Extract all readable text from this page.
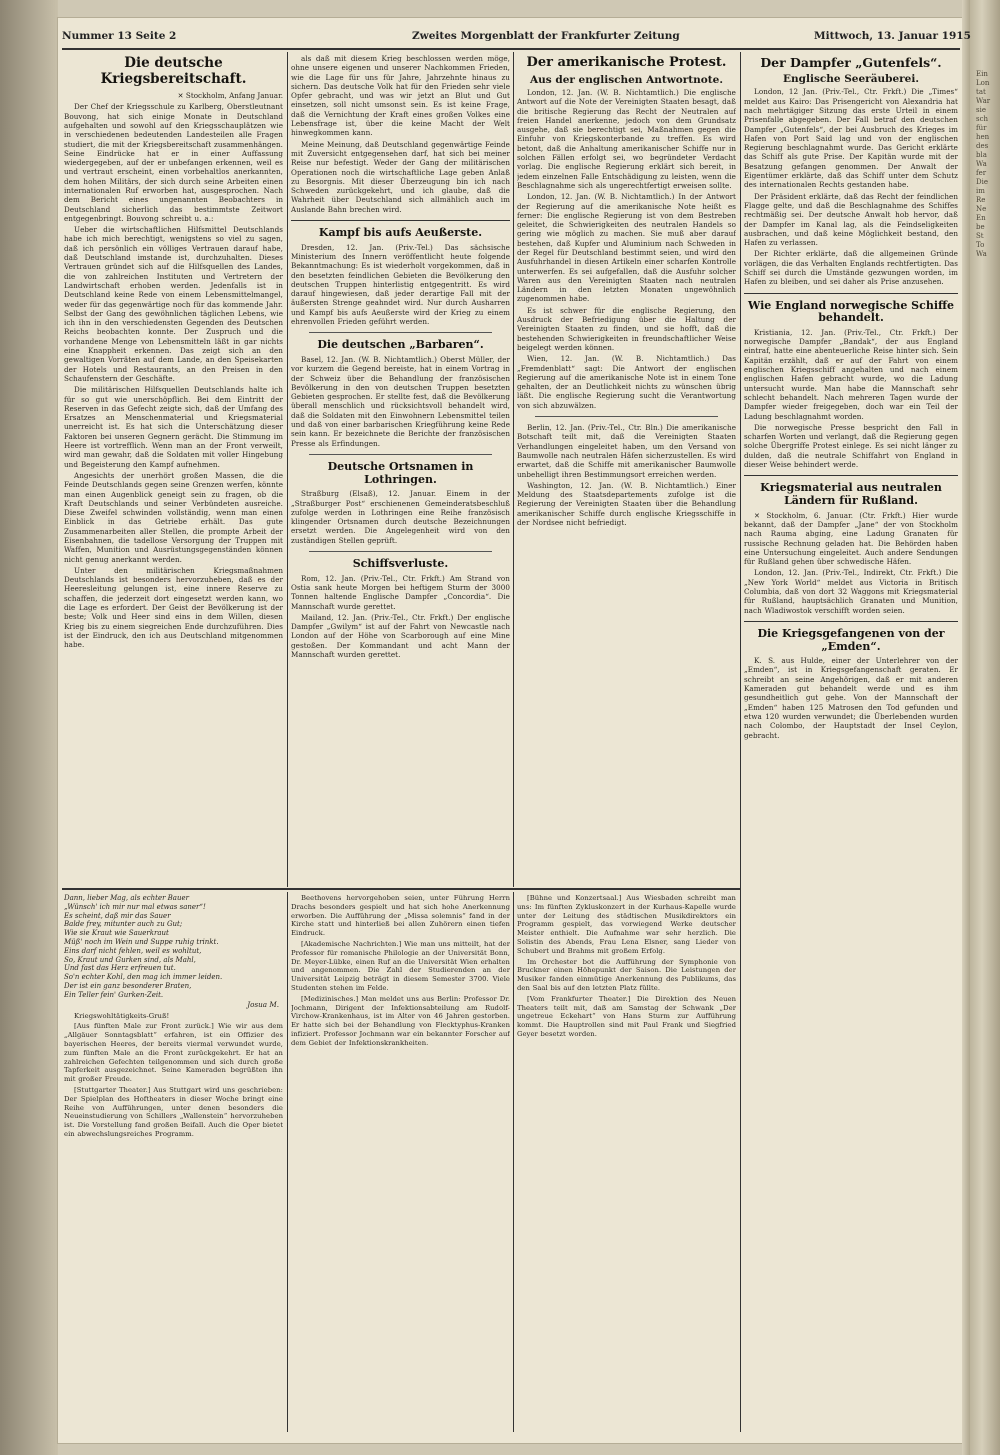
Ein
Lon
tat
War
sie
sch
für
hen
des
bla
Wa
fer
Die
im
Re
Ne
En
be
St
To
Wa
Nummer 13 Seite 2	Zweites Morgenblatt der Frankfurter Zeitung	Mittwoch, 13. Januar 1915
Die deutsche Kriegsbereitschaft.

✕ Stockholm, Anfang Januar.

Der Chef der Kriegsschule zu Karlberg, Oberstleutnant Bouvong, hat sich einige Monate in Deutschland aufgehalten und sowohl auf den Kriegsschauplätzen wie in verschiedenen bedeutenden Landesteilen alle Fragen studiert, die mit der Kriegsbereitschaft zusammenhängen. Seine Eindrücke hat er in einer Auffassung wiedergegeben, auf der er unbefangen erkennen, weil es und vertraut erscheint, einen vorbehaltlos anerkannten, dem hohen Militärs, der sich durch seine Arbeiten einen internationalen Ruf erworben hat, ausgesprochen. Nach dem Bericht eines ungenannten Beobachters in Deutschland sicherlich das bestimmtste Zeitwort entgegenbringt. Bouvong schreibt u. a.:

Ueber die wirtschaftlichen Hilfsmittel Deutschlands habe ich mich berechtigt, wenigstens so viel zu sagen, daß ich persönlich ein völliges Vertrauen darauf habe, daß Deutschland imstande ist, durchzuhalten. Dieses Vertrauen gründet sich auf die Hilfsquellen des Landes, die von zahlreichen Instituten und Vertretern der Landwirtschaft erhoben werden. Jedenfalls ist in Deutschland keine Rede von einem Lebensmittelmangel, weder für das gegenwärtige noch für das kommende Jahr. Selbst der Gang des gewöhnlichen täglichen Lebens, wie ich ihn in den verschiedensten Gegenden des Deutschen Reichs beobachten konnte. Der Zuspruch und die vorhandene Menge von Lebensmitteln läßt in gar nichts eine Knappheit erkennen. Das zeigt sich an den gewaltigen Vorräten auf dem Lande, an den Speisekarten der Hotels und Restaurants, an den Preisen in den Schaufenstern der Geschäfte.

Die militärischen Hilfsquellen Deutschlands halte ich für so gut wie unerschöpflich. Bei dem Eintritt der Reserven in das Gefecht zeigte sich, daß der Umfang des Ersatzes an Menschenmaterial und Kriegsmaterial unerreicht ist. Es hat sich die Unterschätzung dieser Faktoren bei unseren Gegnern gerächt. Die Stimmung im Heere ist vortrefflich. Wenn man an der Front verweilt, wird man gewahr, daß die Soldaten mit voller Hingebung und Begeisterung den Kampf aufnehmen.

Angesichts der unerhört großen Massen, die die Feinde Deutschlands gegen seine Grenzen werfen, könnte man einen Augenblick geneigt sein zu fragen, ob die Kraft Deutschlands und seiner Verbündeten ausreiche. Diese Zweifel schwinden vollständig, wenn man einen Einblick in das Getriebe erhält. Das gute Zusammenarbeiten aller Stellen, die prompte Arbeit der Eisenbahnen, die tadellose Versorgung der Truppen mit Waffen, Munition und Ausrüstungsgegenständen können nicht genug anerkannt werden.

Unter den militärischen Kriegsmaßnahmen Deutschlands ist besonders hervorzuheben, daß es der Heeresleitung gelungen ist, eine innere Reserve zu schaffen, die jederzeit dort eingesetzt werden kann, wo die Lage es erfordert. Der Geist der Bevölkerung ist der beste; Volk und Heer sind eins in dem Willen, diesen Krieg bis zu einem siegreichen Ende durchzuführen. Dies ist der Eindruck, den ich aus Deutschland mitgenommen habe.

als daß mit diesem Krieg beschlossen werden möge, ohne unsere eigenen und unserer Nachkommen Frieden, wie die Lage für uns für Jahre, Jahrzehnte hinaus zu sichern. Das deutsche Volk hat für den Frieden sehr viele Opfer gebracht, und was wir jetzt an Blut und Gut einsetzen, soll nicht umsonst sein. Es ist keine Frage, daß die Vernichtung der Kraft eines großen Volkes eine Lebensfrage ist, über die keine Macht der Welt hinwegkommen kann.

Meine Meinung, daß Deutschland gegenwärtige Feinde mit Zuversicht entgegensehen darf, hat sich bei meiner Reise nur befestigt. Weder der Gang der militärischen Operationen noch die wirtschaftliche Lage geben Anlaß zu Besorgnis. Mit dieser Überzeugung bin ich nach Schweden zurückgekehrt, und ich glaube, daß die Wahrheit über Deutschland sich allmählich auch im Auslande Bahn brechen wird.

Kampf bis aufs Aeußerste.

Dresden, 12. Jan. (Priv.-Tel.) Das sächsische Ministerium des Innern veröffentlicht heute folgende Bekanntmachung: Es ist wiederholt vorgekommen, daß in den besetzten feindlichen Gebieten die Bevölkerung den deutschen Truppen hinterlistig entgegentritt. Es wird darauf hingewiesen, daß jeder derartige Fall mit der äußersten Strenge geahndet wird. Nur durch Ausharren und Kampf bis aufs Aeußerste wird der Krieg zu einem ehrenvollen Frieden geführt werden.

Die deutschen „Barbaren“.

Basel, 12. Jan. (W. B. Nichtamtlich.) Oberst Müller, der vor kurzem die Gegend bereiste, hat in einem Vortrag in der Schweiz über die Behandlung der französischen Bevölkerung in den von deutschen Truppen besetzten Gebieten gesprochen. Er stellte fest, daß die Bevölkerung überall menschlich und rücksichtsvoll behandelt wird, daß die Soldaten mit den Einwohnern Lebensmittel teilen und daß von einer barbarischen Kriegführung keine Rede sein kann. Er bezeichnete die Berichte der französischen Presse als Erfindungen.

Deutsche Ortsnamen in Lothringen.

Straßburg (Elsaß), 12. Januar. Einem in der „Straßburger Post“ erschienenen Gemeinderatsbeschluß zufolge werden in Lothringen eine Reihe französisch klingender Ortsnamen durch deutsche Bezeichnungen ersetzt werden. Die Angelegenheit wird von den zuständigen Stellen geprüft.

Schiffsverluste.

Rom, 12. Jan. (Priv.-Tel., Ctr. Frkft.) Am Strand von Ostia sank heute Morgen bei heftigem Sturm der 3000 Tonnen haltende Englische Dampfer „Concordia“. Die Mannschaft wurde gerettet.

Mailand, 12. Jan. (Priv.-Tel., Ctr. Frkft.) Der englische Dampfer „Gwilym“ ist auf der Fahrt von Newcastle nach London auf der Höhe von Scarborough auf eine Mine gestoßen. Der Kommandant und acht Mann der Mannschaft wurden gerettet.

Der amerikanische Protest.
Aus der englischen Antwortnote.

London, 12. Jan. (W. B. Nichtamtlich.) Die englische Antwort auf die Note der Vereinigten Staaten besagt, daß die britische Regierung das Recht der Neutralen auf freien Handel anerkenne, jedoch von dem Grundsatz ausgehe, daß sie berechtigt sei, Maßnahmen gegen die Einfuhr von Kriegskonterbande zu treffen. Es wird betont, daß die Anhaltung amerikanischer Schiffe nur in solchen Fällen erfolgt sei, wo begründeter Verdacht vorlag. Die englische Regierung erklärt sich bereit, in jedem einzelnen Falle Entschädigung zu leisten, wenn die Beschlagnahme sich als ungerechtfertigt erweisen sollte.

London, 12. Jan. (W. B. Nichtamtlich.) In der Antwort der Regierung auf die amerikanische Note heißt es ferner: Die englische Regierung ist von dem Bestreben geleitet, die Schwierigkeiten des neutralen Handels so gering wie möglich zu machen. Sie muß aber darauf bestehen, daß Kupfer und Aluminium nach Schweden in der Regel für Deutschland bestimmt seien, und wird den Ausfuhrhandel in diesen Artikeln einer scharfen Kontrolle unterwerfen. Es sei aufgefallen, daß die Ausfuhr solcher Waren aus den Vereinigten Staaten nach neutralen Ländern in den letzten Monaten ungewöhnlich zugenommen habe.

Es ist schwer für die englische Regierung, den Ausdruck der Befriedigung über die Haltung der Vereinigten Staaten zu finden, und sie hofft, daß die bestehenden Schwierigkeiten in freundschaftlicher Weise beigelegt werden können.

Wien, 12. Jan. (W. B. Nichtamtlich.) Das „Fremdenblatt“ sagt: Die Antwort der englischen Regierung auf die amerikanische Note ist in einem Tone gehalten, der an Deutlichkeit nichts zu wünschen übrig läßt. Die englische Regierung sucht die Verantwortung von sich abzuwälzen.

Berlin, 12. Jan. (Priv.-Tel., Ctr. Bln.) Die amerikanische Botschaft teilt mit, daß die Vereinigten Staaten Verhandlungen eingeleitet haben, um den Versand von Baumwolle nach neutralen Häfen sicherzustellen. Es wird erwartet, daß die Schiffe mit amerikanischer Baumwolle unbehelligt ihren Bestimmungsort erreichen werden.

Washington, 12. Jan. (W. B. Nichtamtlich.) Einer Meldung des Staatsdepartements zufolge ist die Regierung der Vereinigten Staaten über die Behandlung amerikanischer Schiffe durch englische Kriegsschiffe in der Nordsee nicht befriedigt.

Der Dampfer „Gutenfels“.
Englische Seeräuberei.

London, 12 Jan. (Priv.-Tel., Ctr. Frkft.) Die „Times“ meldet aus Kairo: Das Prisengericht von Alexandria hat nach mehrtägiger Sitzung das erste Urteil in einem Prisenfalle abgegeben. Der Fall betraf den deutschen Dampfer „Gutenfels“, der bei Ausbruch des Krieges im Hafen von Port Said lag und von der englischen Regierung beschlagnahmt wurde. Das Gericht erklärte das Schiff als gute Prise. Der Kapitän wurde mit der Besatzung gefangen genommen. Der Anwalt der Eigentümer erklärte, daß das Schiff unter dem Schutz des internationalen Rechts gestanden habe.

Der Präsident erklärte, daß das Recht der feindlichen Flagge gelte, und daß die Beschlagnahme des Schiffes rechtmäßig sei. Der deutsche Anwalt hob hervor, daß der Dampfer im Kanal lag, als die Feindseligkeiten ausbrachen, und daß keine Möglichkeit bestand, den Hafen zu verlassen.

Der Richter erklärte, daß die allgemeinen Gründe vorlägen, die das Verhalten Englands rechtfertigten. Das Schiff sei durch die Umstände gezwungen worden, im Hafen zu bleiben, und sei daher als Prise anzusehen.

Wie England norwegische Schiffe behandelt.

Kristiania, 12. Jan. (Priv.-Tel., Ctr. Frkft.) Der norwegische Dampfer „Bandak“, der aus England eintraf, hatte eine abenteuerliche Reise hinter sich. Sein Kapitän erzählt, daß er auf der Fahrt von einem englischen Kriegsschiff angehalten und nach einem englischen Hafen gebracht wurde, wo die Ladung untersucht wurde. Man habe die Mannschaft sehr schlecht behandelt. Nach mehreren Tagen wurde der Dampfer wieder freigegeben, doch war ein Teil der Ladung beschlagnahmt worden.

Die norwegische Presse bespricht den Fall in scharfen Worten und verlangt, daß die Regierung gegen solche Übergriffe Protest einlege. Es sei nicht länger zu dulden, daß die neutrale Schiffahrt von England in dieser Weise behindert werde.

Kriegsmaterial aus neutralen Ländern für Rußland.

✕ Stockholm, 6. Januar. (Ctr. Frkft.) Hier wurde bekannt, daß der Dampfer „Jane“ der von Stockholm nach Rauma abging, eine Ladung Granaten für russische Rechnung geladen hat. Die Behörden haben eine Untersuchung eingeleitet. Auch andere Sendungen für Rußland gehen über schwedische Häfen.

London, 12. Jan. (Priv.-Tel., Indirekt, Ctr. Frkft.) Die „New York World“ meldet aus Victoria in Britisch Columbia, daß von dort 32 Waggons mit Kriegsmaterial für Rußland, hauptsächlich Granaten und Munition, nach Wladiwostok verschifft worden seien.

Die Kriegsgefangenen von der „Emden“.

K. S. aus Hulde, einer der Unterlehrer von der „Emden“, ist in Kriegsgefangenschaft geraten. Er schreibt an seine Angehörigen, daß er mit anderen Kameraden gut behandelt werde und es ihm gesundheitlich gut gehe. Von der Mannschaft der „Emden“ haben 125 Matrosen den Tod gefunden und etwa 120 wurden verwundet; die Überlebenden wurden nach Colombo, der Hauptstadt der Insel Ceylon, gebracht.

Dann, lieber Mag, als echter Bauer
„Wünsch' ich mir nur mal etwas saner“!
Es scheint, daß mir das Sauer
Balde frey, mitunter auch zu Gut;
Wie sie Kraut wie Sauerkraut
Müß' noch im Wein und Suppe ruhig trinkt.
Eins darf nicht fehlen, weil es wohltut,
So, Kraut und Gurken sind, als Mahl,
Und fast das Herz erfreuen tut.
So'n echter Kohl, den mag ich immer leiden.
Der ist ein ganz besonderer Braten,
Ein Teller fein' Gurken-Zeit.

Josua M.

Kriegswohltätigkeits-Gruß!

[Aus fünften Male zur Front zurück.] Wie wir aus dem „Allgäuer Sonntagsblatt“ erfahren, ist ein Offizier des bayerischen Heeres, der bereits viermal verwundet wurde, zum fünften Male an die Front zurückgekehrt. Er hat an zahlreichen Gefechten teilgenommen und sich durch große Tapferkeit ausgezeichnet. Seine Kameraden begrüßten ihn mit großer Freude.

[Stuttgarter Theater.] Aus Stuttgart wird uns geschrieben: Der Spielplan des Hoftheaters in dieser Woche bringt eine Reihe von Aufführungen, unter denen besonders die Neueinstudierung von Schillers „Wallenstein“ hervorzuheben ist. Die Vorstellung fand großen Beifall. Auch die Oper bietet ein abwechslungsreiches Programm.

Beethovens hervorgehoben seien, unter Führung Herrn Drachs besonders gespielt und hat sich hohe Anerkennung erworben. Die Aufführung der „Missa solemnis“ fand in der Kirche statt und hinterließ bei allen Zuhörern einen tiefen Eindruck.

[Akademische Nachrichten.] Wie man uns mitteilt, hat der Professor für romanische Philologie an der Universität Bonn, Dr. Meyer-Lübke, einen Ruf an die Universität Wien erhalten und angenommen. Die Zahl der Studierenden an der Universität Leipzig beträgt in diesem Semester 3700. Viele Studenten stehen im Felde.

[Medizinisches.] Man meldet uns aus Berlin: Professor Dr. Jochmann, Dirigent der Infektionsabteilung am Rudolf-Virchow-Krankenhaus, ist im Alter von 46 Jahren gestorben. Er hatte sich bei der Behandlung von Flecktyphus-Kranken infiziert. Professor Jochmann war ein bekannter Forscher auf dem Gebiet der Infektionskrankheiten.

[Bühne und Konzertsaal.] Aus Wiesbaden schreibt man uns: Im fünften Zykluskonzert in der Kurhaus-Kapelle wurde unter der Leitung des städtischen Musikdirektors ein Programm gespielt, das vorwiegend Werke deutscher Meister enthielt. Die Aufnahme war sehr herzlich. Die Solistin des Abends, Frau Lena Elsner, sang Lieder von Schubert und Brahms mit großem Erfolg.

Im Orchester bot die Aufführung der Symphonie von Bruckner einen Höhepunkt der Saison. Die Leistungen der Musiker fanden einmütige Anerkennung des Publikums, das den Saal bis auf den letzten Platz füllte.

[Vom Frankfurter Theater.] Die Direktion des Neuen Theaters teilt mit, daß am Samstag der Schwank „Der ungetreue Eckehart“ von Hans Sturm zur Aufführung kommt. Die Hauptrollen sind mit Paul Frank und Siegfried Geyer besetzt worden.
